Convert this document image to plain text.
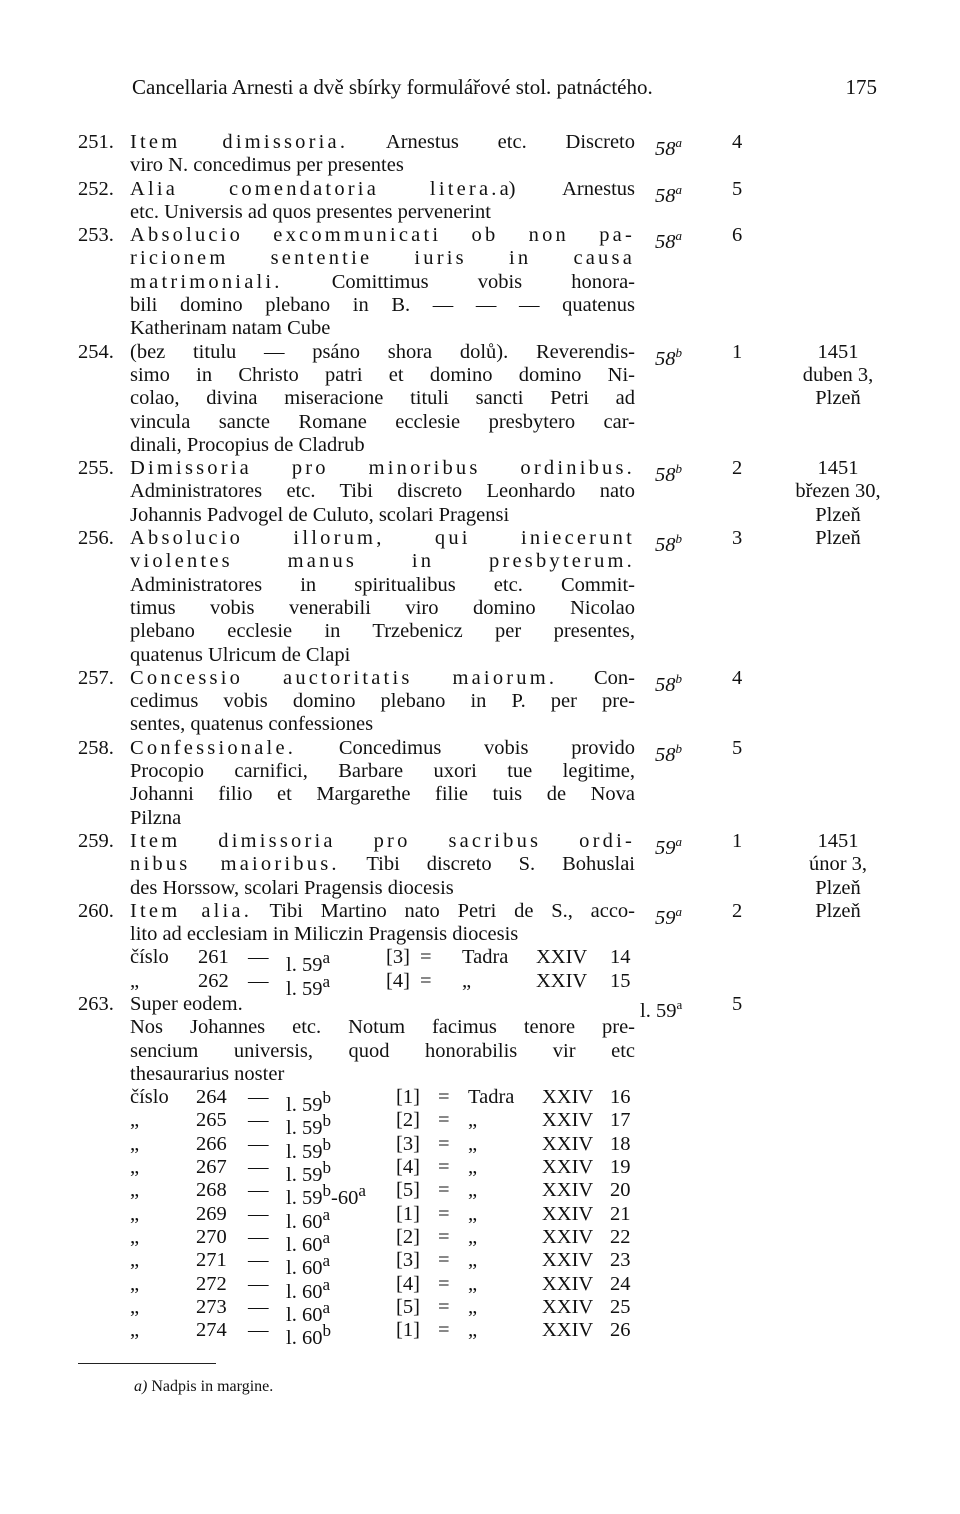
Cancellaria Arnesti a dvě sbírky formulářové stol. patnáctého.	175
251. Item dimissoria. Arnestus etc. Discreto
viro N. concedimus per presentes
58$^a$ 4
252. Alia comendatoria litera.a) Arnestus
etc. Universis ad quos presentes pervenerint
58$^a$ 5
253. Absolucio excommunicati ob non pa-
ricionem sententie iuris in causa
matrimoniali. Comittimus vobis honora-
bili domino plebano in B. — — — quatenus
Katherinam natam Cube
58$^a$ 6
254. (bez titulu — psáno shora dolů). Reverendis-
simo in Christo patri et domino domino Ni-
colao, divina miseracione tituli sancti Petri ad
vincula sancte Romane ecclesie presbytero car-
dinali, Procopius de Cladrub
58$^b$ 1	1451
duben 3,
Plzeň
255. Dimissoria pro minoribus ordinibus.
Administratores etc. Tibi discreto Leonhardo nato
Johannis Padvogel de Culuto, scolari Pragensi
58$^b$ 2	1451
březen 30,
Plzeň
256. Absolucio illorum, qui iniecerunt
violentes manus in presbyterum.
Administratores in spiritualibus etc. Commit-
timus vobis venerabili viro domino Nicolao
plebano ecclesie in Trzebenicz per presentes,
quatenus Ulricum de Clapi
58$^b$ 3	Plzeň
257. Concessio auctoritatis maiorum. Con-
cedimus vobis domino plebano in P. per pre-
sentes, quatenus confessiones
58$^b$ 4
258. Confessionale. Concedimus vobis provido
Procopio carnifici, Barbare uxori tue legitime,
Johanni filio et Margarethe filie tuis de Nova
Pilzna
58$^b$ 5
259. Item dimissoria pro sacribus ordi-
nibus maioribus. Tibi discreto S. Bohuslai
des Horssow, scolari Pragensis diocesis
59$^a$ 1	1451
únor 3,
Plzeň
260. Item alia. Tibi Martino nato Petri de S., acco-
lito ad ecclesiam in Miliczin Pragensis diocesis
59$^a$ 2	Plzeň
číslo 261 — l. 59$^a$	[3] = Tadra XXIV 14
„	262 — l. 59$^a$	[4] = „	XXIV 15
263. Super eodem.
Nos Johannes etc. Notum facimus tenore pre-
sencium universis, quod honorabilis vir etc
thesaurarius noster
l. 59$^a$ 5
číslo 264 — l. 59$^b$	[1] = Tadra XXIV 16
„	265 — l. 59$^b$	[2] = „	XXIV 17
„	266 — l. 59$^b$	[3] = „	XXIV 18
„	267 — l. 59$^b$	[4] = „	XXIV 19
„	268 — l. 59$^b$-60$^a$ [5] = „	XXIV 20
„	269 — l. 60$^a$	[1] = „	XXIV 21
„	270 — l. 60$^a$	[2] = „	XXIV 22
„	271 — l. 60$^a$	[3] = „	XXIV 23
„	272 — l. 60$^a$	[4] = „	XXIV 24
„	273 — l. 60$^a$	[5] = „	XXIV 25
„	274 — l. 60$^b$	[1] = „	XXIV 26
a) Nadpis in margine.
